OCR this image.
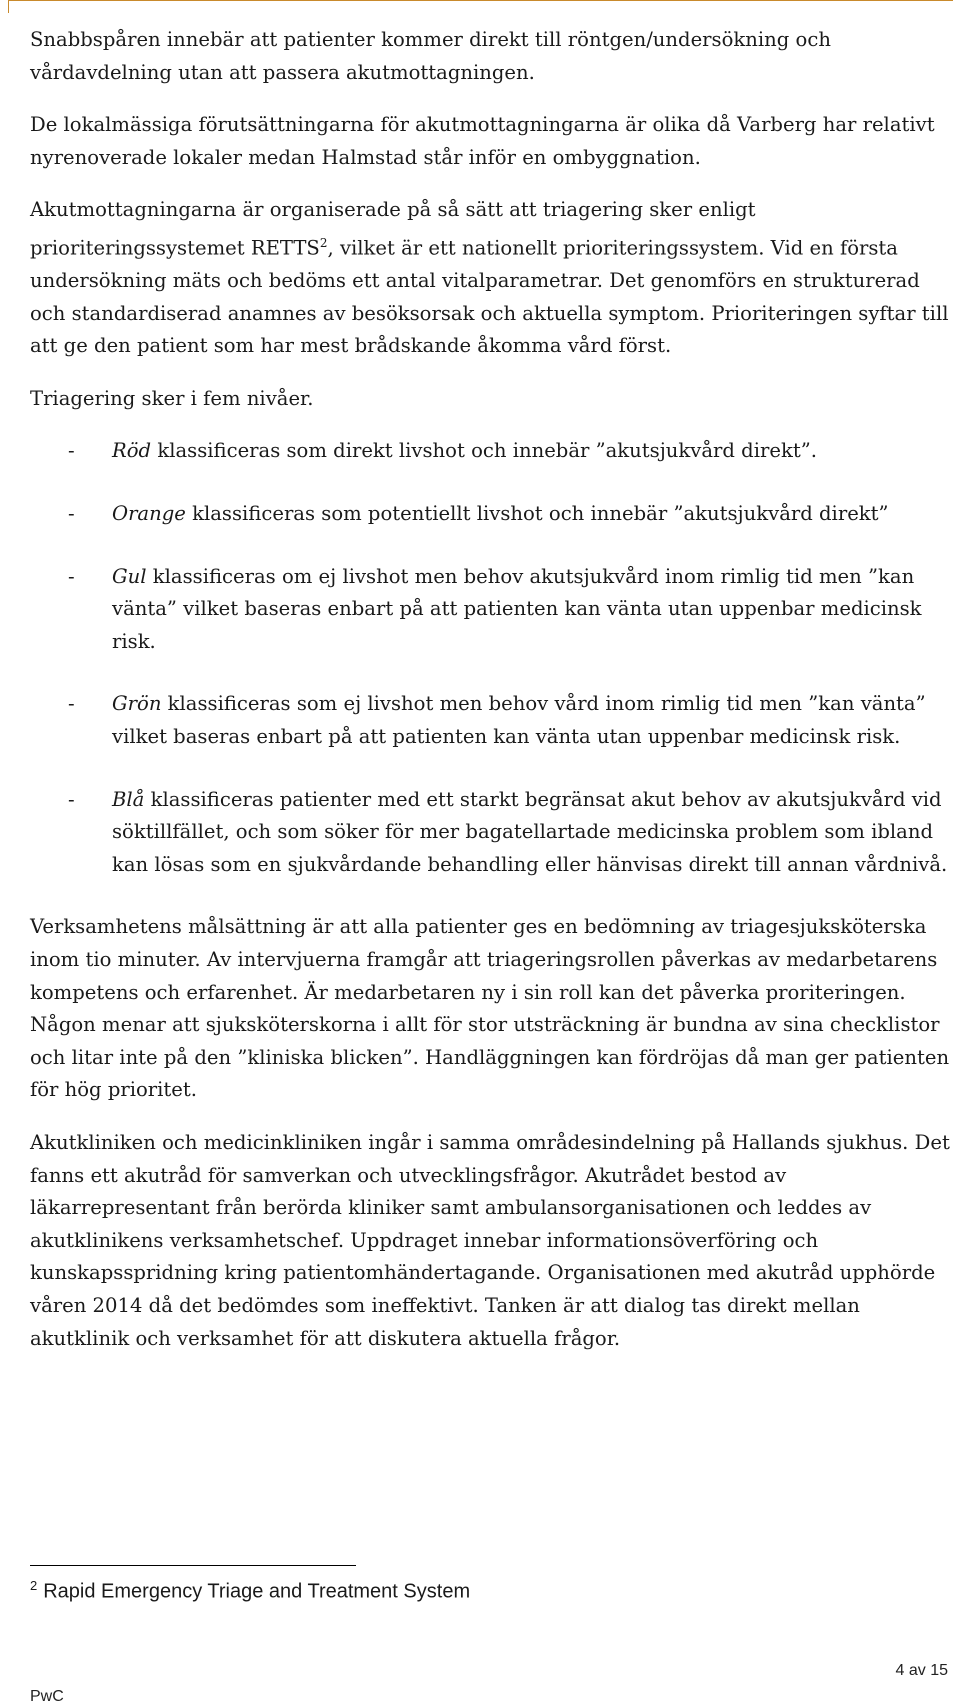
Snabbspåren innebär att patienter kommer direkt till röntgen/undersökning och vårdavdelning utan att passera akutmottagningen.

De lokalmässiga förutsättningarna för akutmottagningarna är olika då Varberg har relativt nyrenoverade lokaler medan Halmstad står inför en ombyggnation.

Akutmottagningarna är organiserade på så sätt att triagering sker enligt prioriteringssystemet RETTS$^2$, vilket är ett nationellt prioriteringssystem. Vid en första undersökning mäts och bedöms ett antal vitalparametrar. Det genomförs en strukturerad och standardiserad anamnes av besöksorsak och aktuella symptom. Prioriteringen syftar till att ge den patient som har mest brådskande åkomma vård först.

Triagering sker i fem nivåer.

- Röd klassificeras som direkt livshot och innebär ”akutsjukvård direkt”.
- Orange klassificeras som potentiellt livshot och innebär ”akutsjukvård direkt”
- Gul klassificeras om ej livshot men behov akutsjukvård inom rimlig tid men ”kan vänta” vilket baseras enbart på att patienten kan vänta utan uppenbar medicinsk risk.
- Grön klassificeras som ej livshot men behov vård inom rimlig tid men ”kan vänta” vilket baseras enbart på att patienten kan vänta utan uppenbar medicinsk risk.
- Blå klassificeras patienter med ett starkt begränsat akut behov av akutsjukvård vid söktillfället, och som söker för mer bagatellartade medicinska problem som ibland kan lösas som en sjukvårdande behandling eller hänvisas direkt till annan vårdnivå.

Verksamhetens målsättning är att alla patienter ges en bedömning av triagesjuksköterska inom tio minuter. Av intervjuerna framgår att triageringsrollen påverkas av medarbetarens kompetens och erfarenhet. Är medarbetaren ny i sin roll kan det påverka proriteringen. Någon menar att sjuksköterskorna i allt för stor utsträckning är bundna av sina checklistor och litar inte på den ”kliniska blicken”. Handläggningen kan fördröjas då man ger patienten för hög prioritet.

Akutkliniken och medicinkliniken ingår i samma områdesindelning på Hallands sjukhus. Det fanns ett akutråd för samverkan och utvecklingsfrågor. Akutrådet bestod av läkarrepresentant från berörda kliniker samt ambulansorganisationen och leddes av akutklinikens verksamhetschef. Uppdraget innebar informationsöverföring och kunskapsspridning kring patientomhändertagande. Organisationen med akutråd upphörde våren 2014 då det bedömdes som ineffektivt. Tanken är att dialog tas direkt mellan akutklinik och verksamhet för att diskutera aktuella frågor.

$^2$ Rapid Emergency Triage and Treatment System
4 av 15
PwC
